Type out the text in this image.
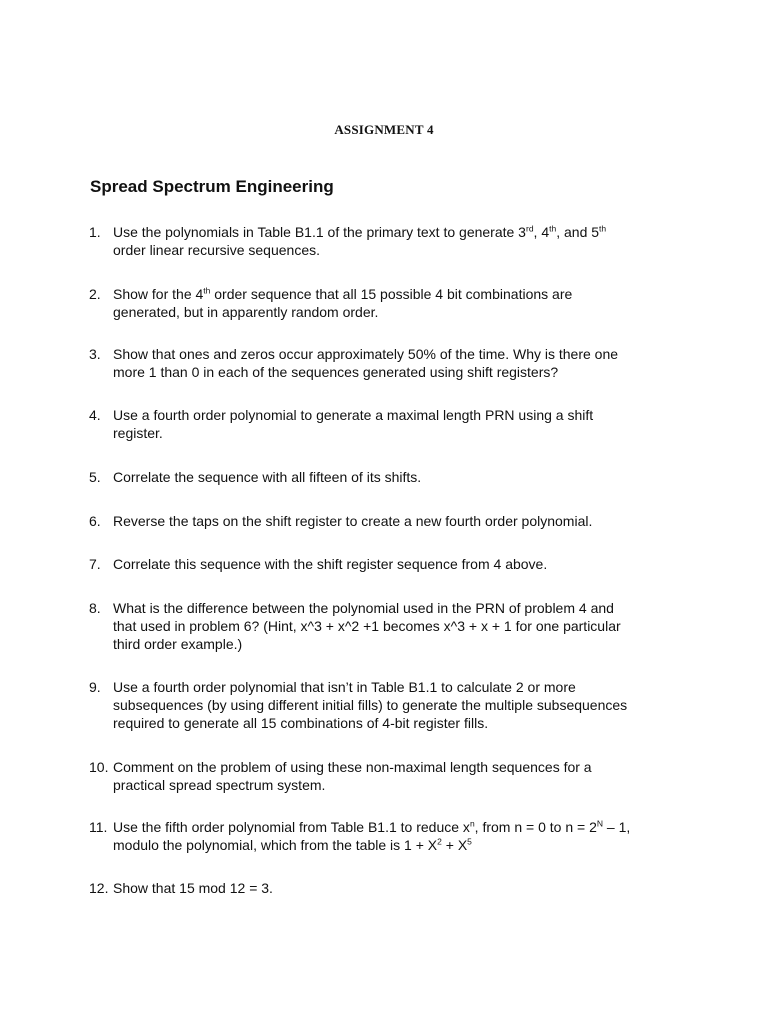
ASSIGNMENT 4
Spread Spectrum Engineering
1. Use the polynomials in Table B1.1 of the primary text to generate 3rd, 4th, and 5th
order linear recursive sequences.
2. Show for the 4th order sequence that all 15 possible 4 bit combinations are
generated, but in apparently random order.
3. Show that ones and zeros occur approximately 50% of the time. Why is there one
more 1 than 0 in each of the sequences generated using shift registers?
4. Use a fourth order polynomial to generate a maximal length PRN using a shift
register.
5. Correlate the sequence with all fifteen of its shifts.
6. Reverse the taps on the shift register to create a new fourth order polynomial.
7. Correlate this sequence with the shift register sequence from 4 above.
8. What is the difference between the polynomial used in the PRN of problem 4 and
that used in problem 6? (Hint, x^3 + x^2 +1 becomes x^3 + x + 1 for one particular
third order example.)
9. Use a fourth order polynomial that isn’t in Table B1.1 to calculate 2 or more
subsequences (by using different initial fills) to generate the multiple subsequences
required to generate all 15 combinations of 4-bit register fills.
10. Comment on the problem of using these non-maximal length sequences for a
practical spread spectrum system.
11. Use the fifth order polynomial from Table B1.1 to reduce $x^n$, from n = 0 to $n = 2^N - 1$,
modulo the polynomial, which from the table is $1 + X^2 + X^5$
12. Show that 15 mod 12 = 3.
